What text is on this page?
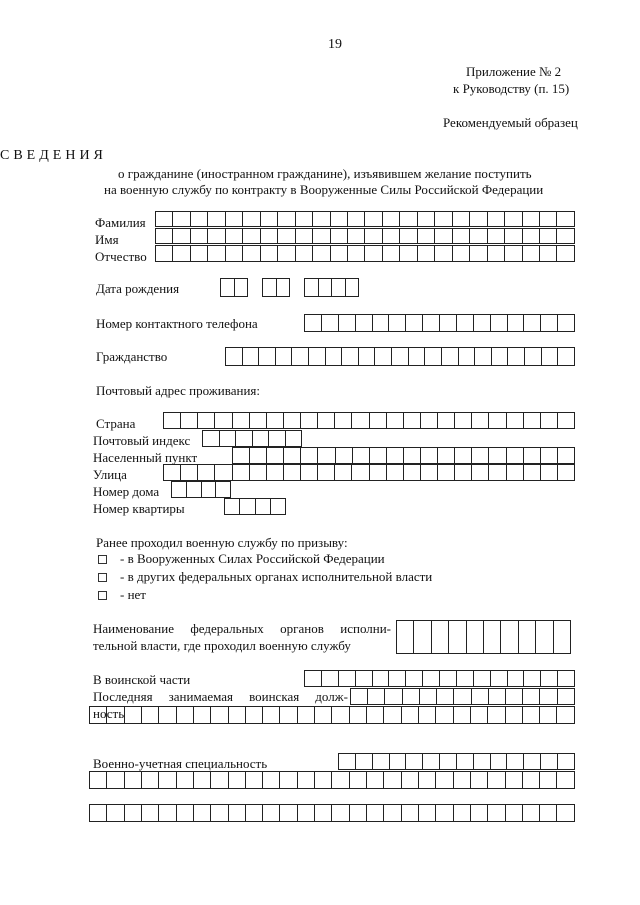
19
Приложение № 2
к Руководству (п. 15)
Рекомендуемый образец
СВЕДЕНИЯ
о гражданине (иностранном гражданине), изъявившем желание поступить
на военную службу по контракту в Вооруженные Силы Российской Федерации
Фамилия
Имя
Отчество
Дата рождения
Номер контактного телефона
Гражданство
Почтовый адрес проживания:
Страна
Почтовый индекс
Населенный пункт
Улица
Номер дома
Номер квартиры
Ранее проходил военную службу по призыву:
- в Вооруженных Силах Российской Федерации
- в других федеральных органах исполнительной власти
- нет
Наименование федеральных органов исполни-
тельной власти, где проходил военную службу
В воинской части
Последняя занимаемая воинская долж-
ность
Военно-учетная специальность
